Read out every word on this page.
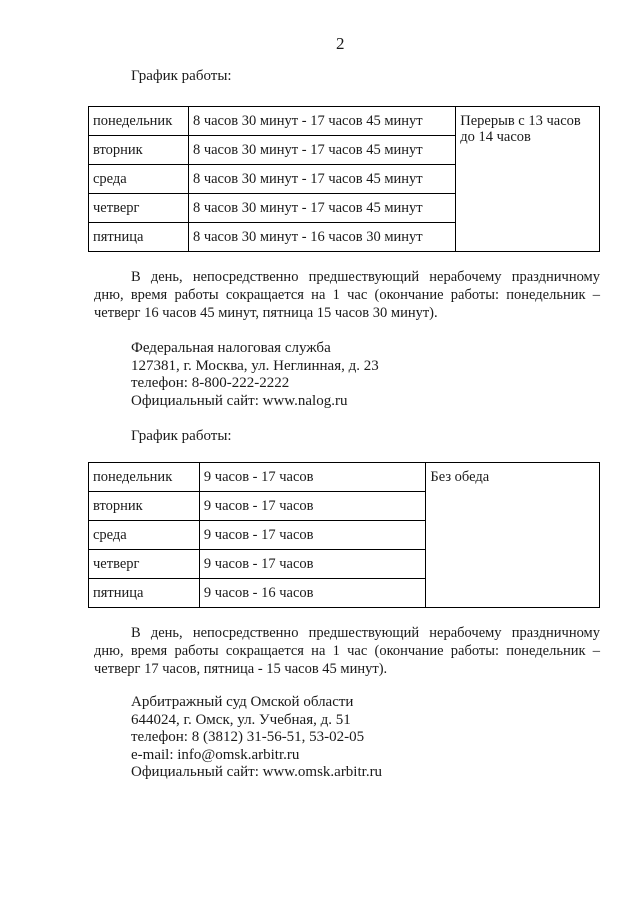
2
График работы:
понедельник	8 часов 30 минут - 17 часов 45 минут	Перерыв с 13 часов до 14 часов
вторник	8 часов 30 минут - 17 часов 45 минут	
среда	8 часов 30 минут - 17 часов 45 минут	
четверг	8 часов 30 минут - 17 часов 45 минут	
пятница	8 часов 30 минут - 16 часов 30 минут	
В день, непосредственно предшествующий нерабочему праздничному дню, время работы сокращается на 1 час (окончание работы: понедельник – четверг 16 часов 45 минут, пятница 15 часов 30 минут).
Федеральная налоговая служба
127381, г. Москва, ул. Неглинная, д. 23
телефон: 8-800-222-2222
Официальный сайт: www.nalog.ru
График работы:
понедельник	9 часов - 17 часов	Без обеда
вторник	9 часов - 17 часов	
среда	9 часов - 17 часов	
четверг	9 часов - 17 часов	
пятница	9 часов - 16 часов	
В день, непосредственно предшествующий нерабочему праздничному дню, время работы сокращается на 1 час (окончание работы: понедельник – четверг 17 часов, пятница - 15 часов 45 минут).
Арбитражный суд Омской области
644024, г. Омск, ул. Учебная, д. 51
телефон: 8 (3812) 31-56-51, 53-02-05
e-mail: info@omsk.arbitr.ru
Официальный сайт: www.omsk.arbitr.ru
